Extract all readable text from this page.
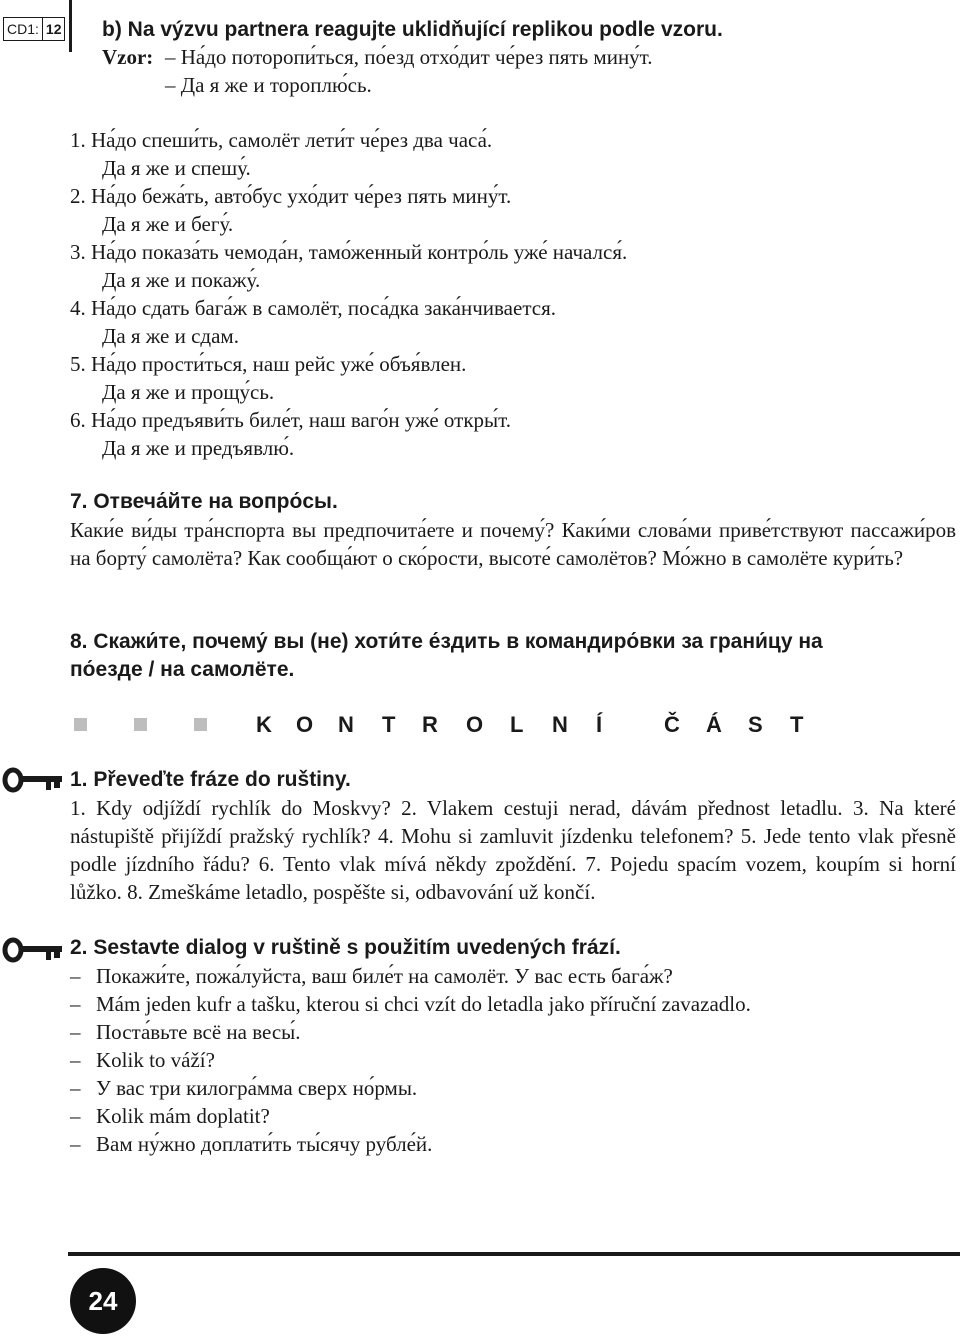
CD1: 12 b) Na výzvu partnera reagujte uklidňující replikou podle vzoru.
Vzor: – На́до поторопи́ться, по́езд отхо́дит че́рез пять мину́т.
– Да я же и тороплю́сь.
1. На́до спеши́ть, самолёт лети́т че́рез два часа́.
Да я же и спешу́.
2. На́до бежа́ть, авто́бус ухо́дит че́рез пять мину́т.
Да я же и бегу́.
3. На́до показа́ть чемода́н, тамо́женный контро́ль уже́ начался́.
Да я же и покажу́.
4. На́до сдать бага́ж в самолёт, поса́дка зака́нчивается.
Да я же и сдам.
5. На́до прости́ться, наш рейс уже́ объя́влен.
Да я же и прощу́сь.
6. На́до предъяви́ть биле́т, наш ваго́н уже́ откры́т.
Да я же и предъявлю́.
7. Отвеча́йте на вопро́сы.
Каки́е ви́ды тра́нспорта вы предпочита́ете и почему́? Каки́ми слова́ми приве́тствуют пассажи́ров на борту́ самолёта? Как сообща́ют о ско́рости, высоте́ самолётов? Мо́жно в самолёте кури́ть?
8. Скажи́те, почему́ вы (не) хоти́те е́здить в командиро́вки за грани́цу на
по́езде / на самолёте.
K O N T R O L N Í	Č Á S T
1. Převeďte fráze do ruštiny.
1. Kdy odjíždí rychlík do Moskvy? 2. Vlakem cestuji nerad, dávám přednost letadlu. 3. Na které nástupiště přijíždí pražský rychlík? 4. Mohu si zamluvit jízdenku telefonem? 5. Jede tento vlak přesně podle jízdního řádu? 6. Tento vlak mívá někdy zpoždění. 7. Pojedu spacím vozem, koupím si horní lůžko. 8. Zmeškáme letadlo, pospěšte si, odbavování už končí.
2. Sestavte dialog v ruštině s použitím uvedených frází.
– Покажи́те, пожа́луйста, ваш биле́т на самолёт. У вас есть бага́ж?
– Mám jeden kufr a tašku, kterou si chci vzít do letadla jako příruční zavazadlo.
– Поста́вьте всё на весы́.
– Kolik to váží?
– У вас три килогра́мма сверх но́рмы.
– Kolik mám doplatit?
– Вам ну́жно доплати́ть ты́сячу рубле́й.
24
